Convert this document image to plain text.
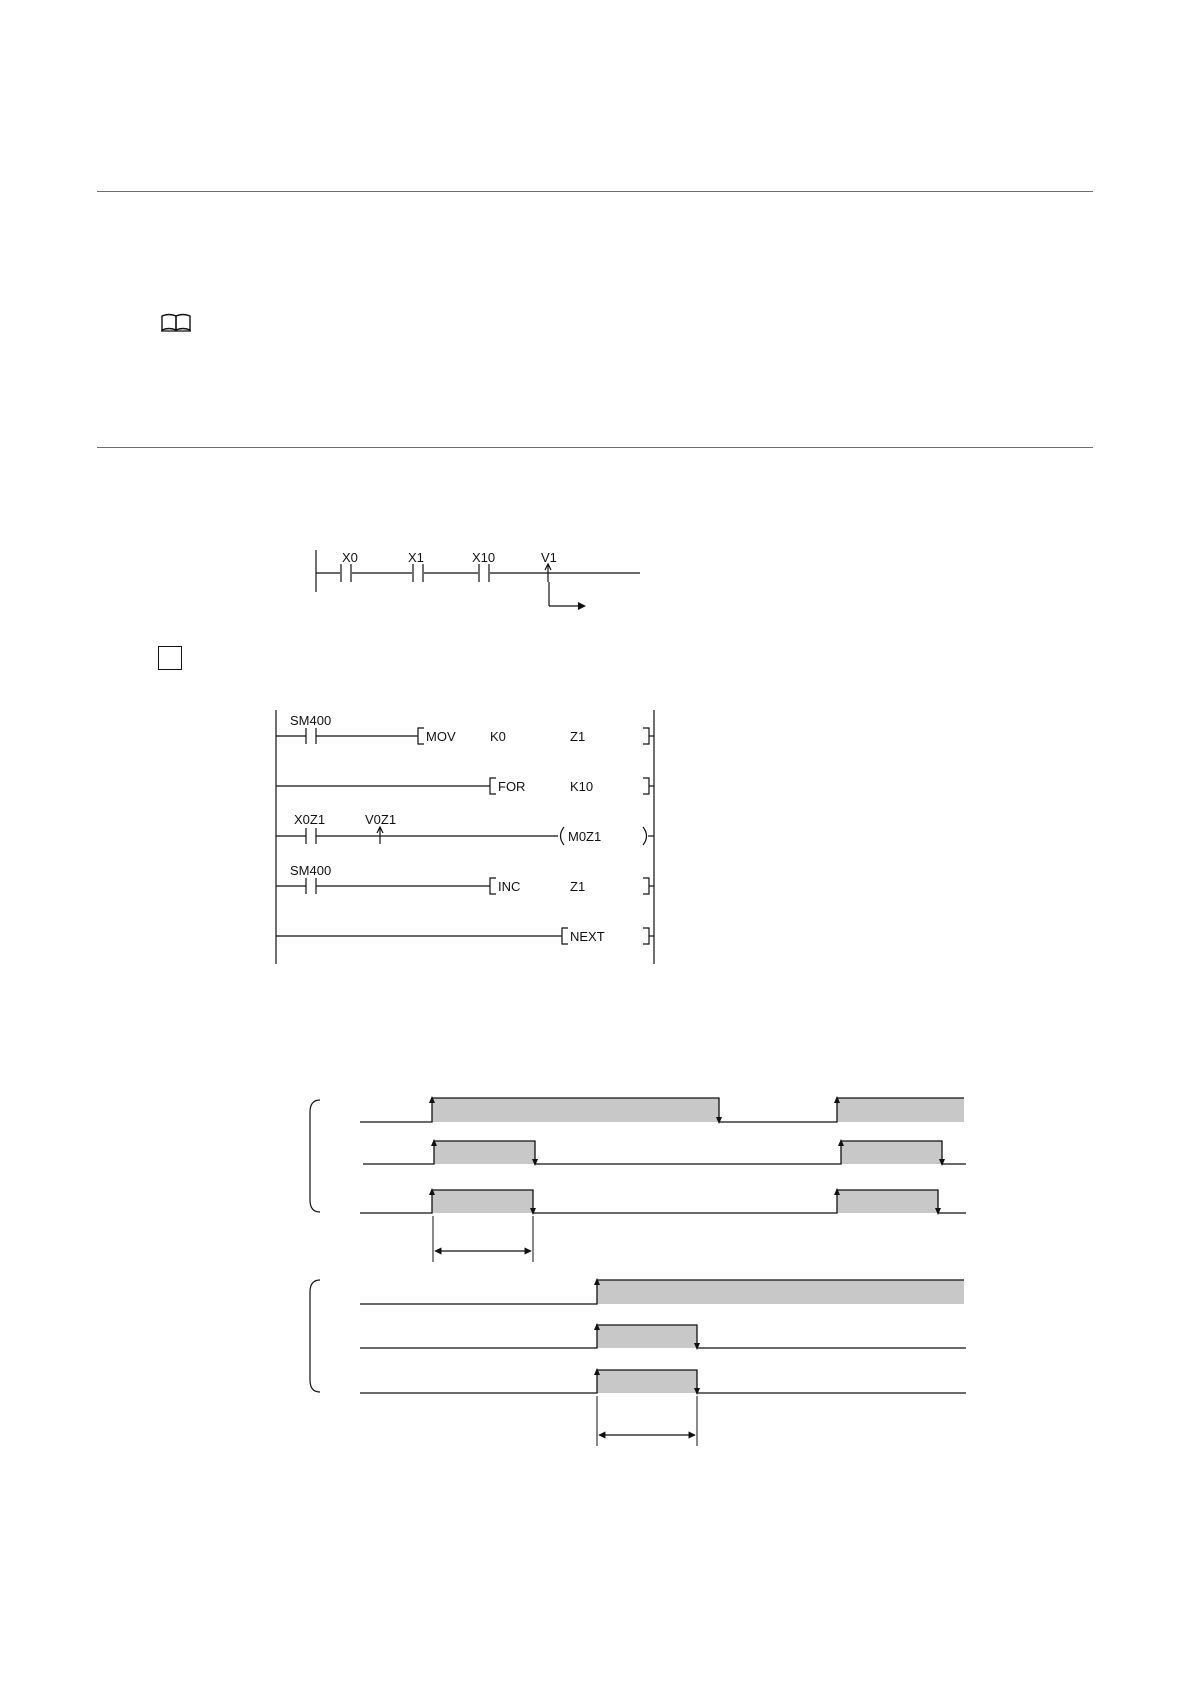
X0	X1	X10	V1
SM400
MOV	K0	Z1
FOR	K10
X0Z1	V0Z1
M0Z1
SM400
INC	Z1
NEXT
